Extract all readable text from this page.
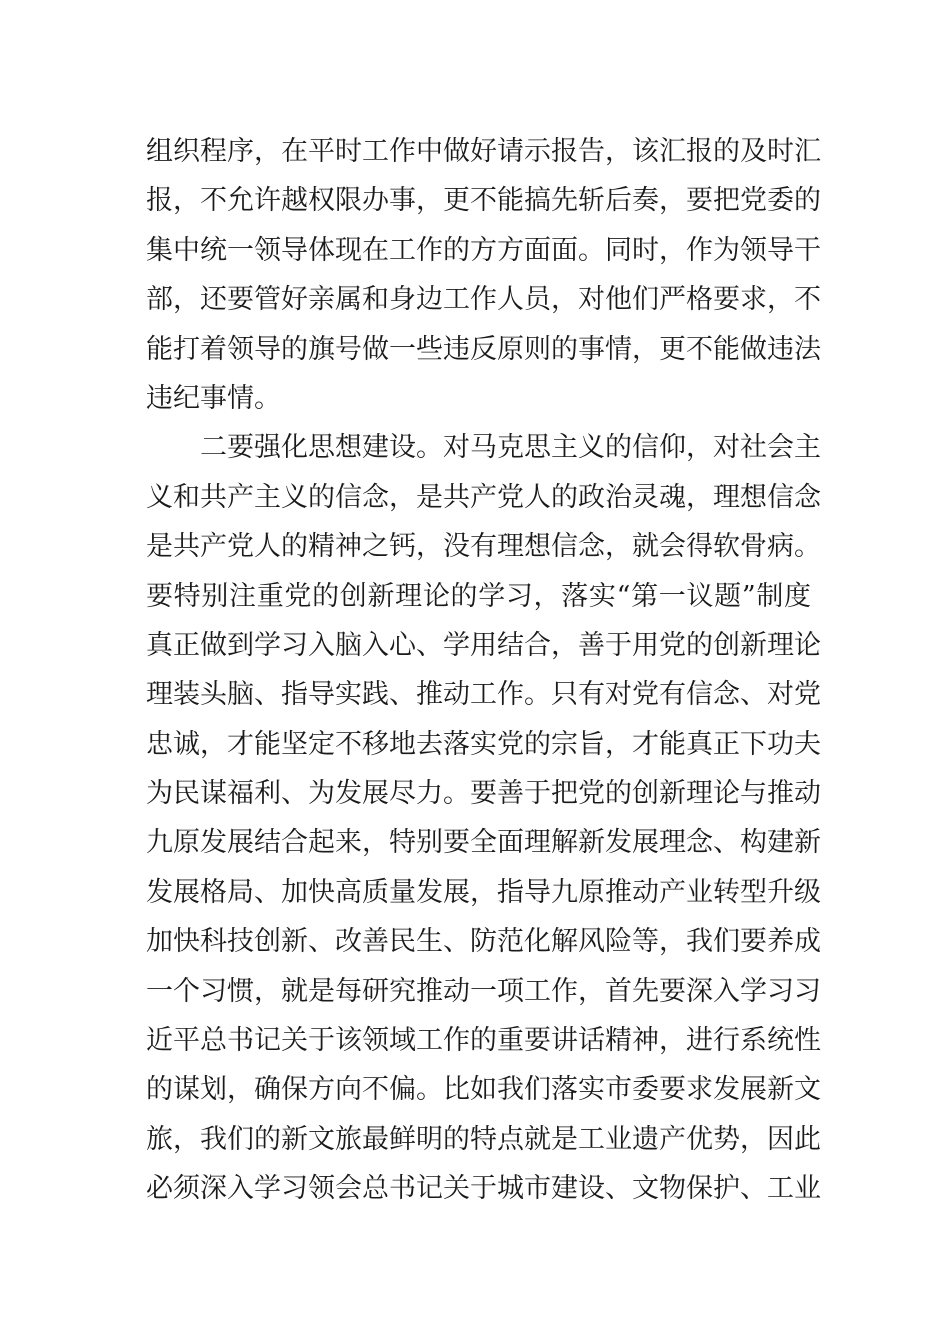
组织程序，在平时工作中做好请示报告，该汇报的及时汇
报，不允许越权限办事，更不能搞先斩后奏，要把党委的
集中统一领导体现在工作的方方面面。同时，作为领导干
部，还要管好亲属和身边工作人员，对他们严格要求，不
能打着领导的旗号做一些违反原则的事情，更不能做违法
违纪事情。
二要强化思想建设。对马克思主义的信仰，对社会主
义和共产主义的信念，是共产党人的政治灵魂，理想信念
是共产党人的精神之钙，没有理想信念，就会得软骨病。
要特别注重党的创新理论的学习，落实“第一议题”制度
真正做到学习入脑入心、学用结合，善于用党的创新理论
理装头脑、指导实践、推动工作。只有对党有信念、对党
忠诚，才能坚定不移地去落实党的宗旨，才能真正下功夫
为民谋福利、为发展尽力。要善于把党的创新理论与推动
九原发展结合起来，特别要全面理解新发展理念、构建新
发展格局、加快高质量发展，指导九原推动产业转型升级
加快科技创新、改善民生、防范化解风险等，我们要养成
一个习惯，就是每研究推动一项工作，首先要深入学习习
近平总书记关于该领域工作的重要讲话精神，进行系统性
的谋划，确保方向不偏。比如我们落实市委要求发展新文
旅，我们的新文旅最鲜明的特点就是工业遗产优势，因此
必须深入学习领会总书记关于城市建设、文物保护、工业
